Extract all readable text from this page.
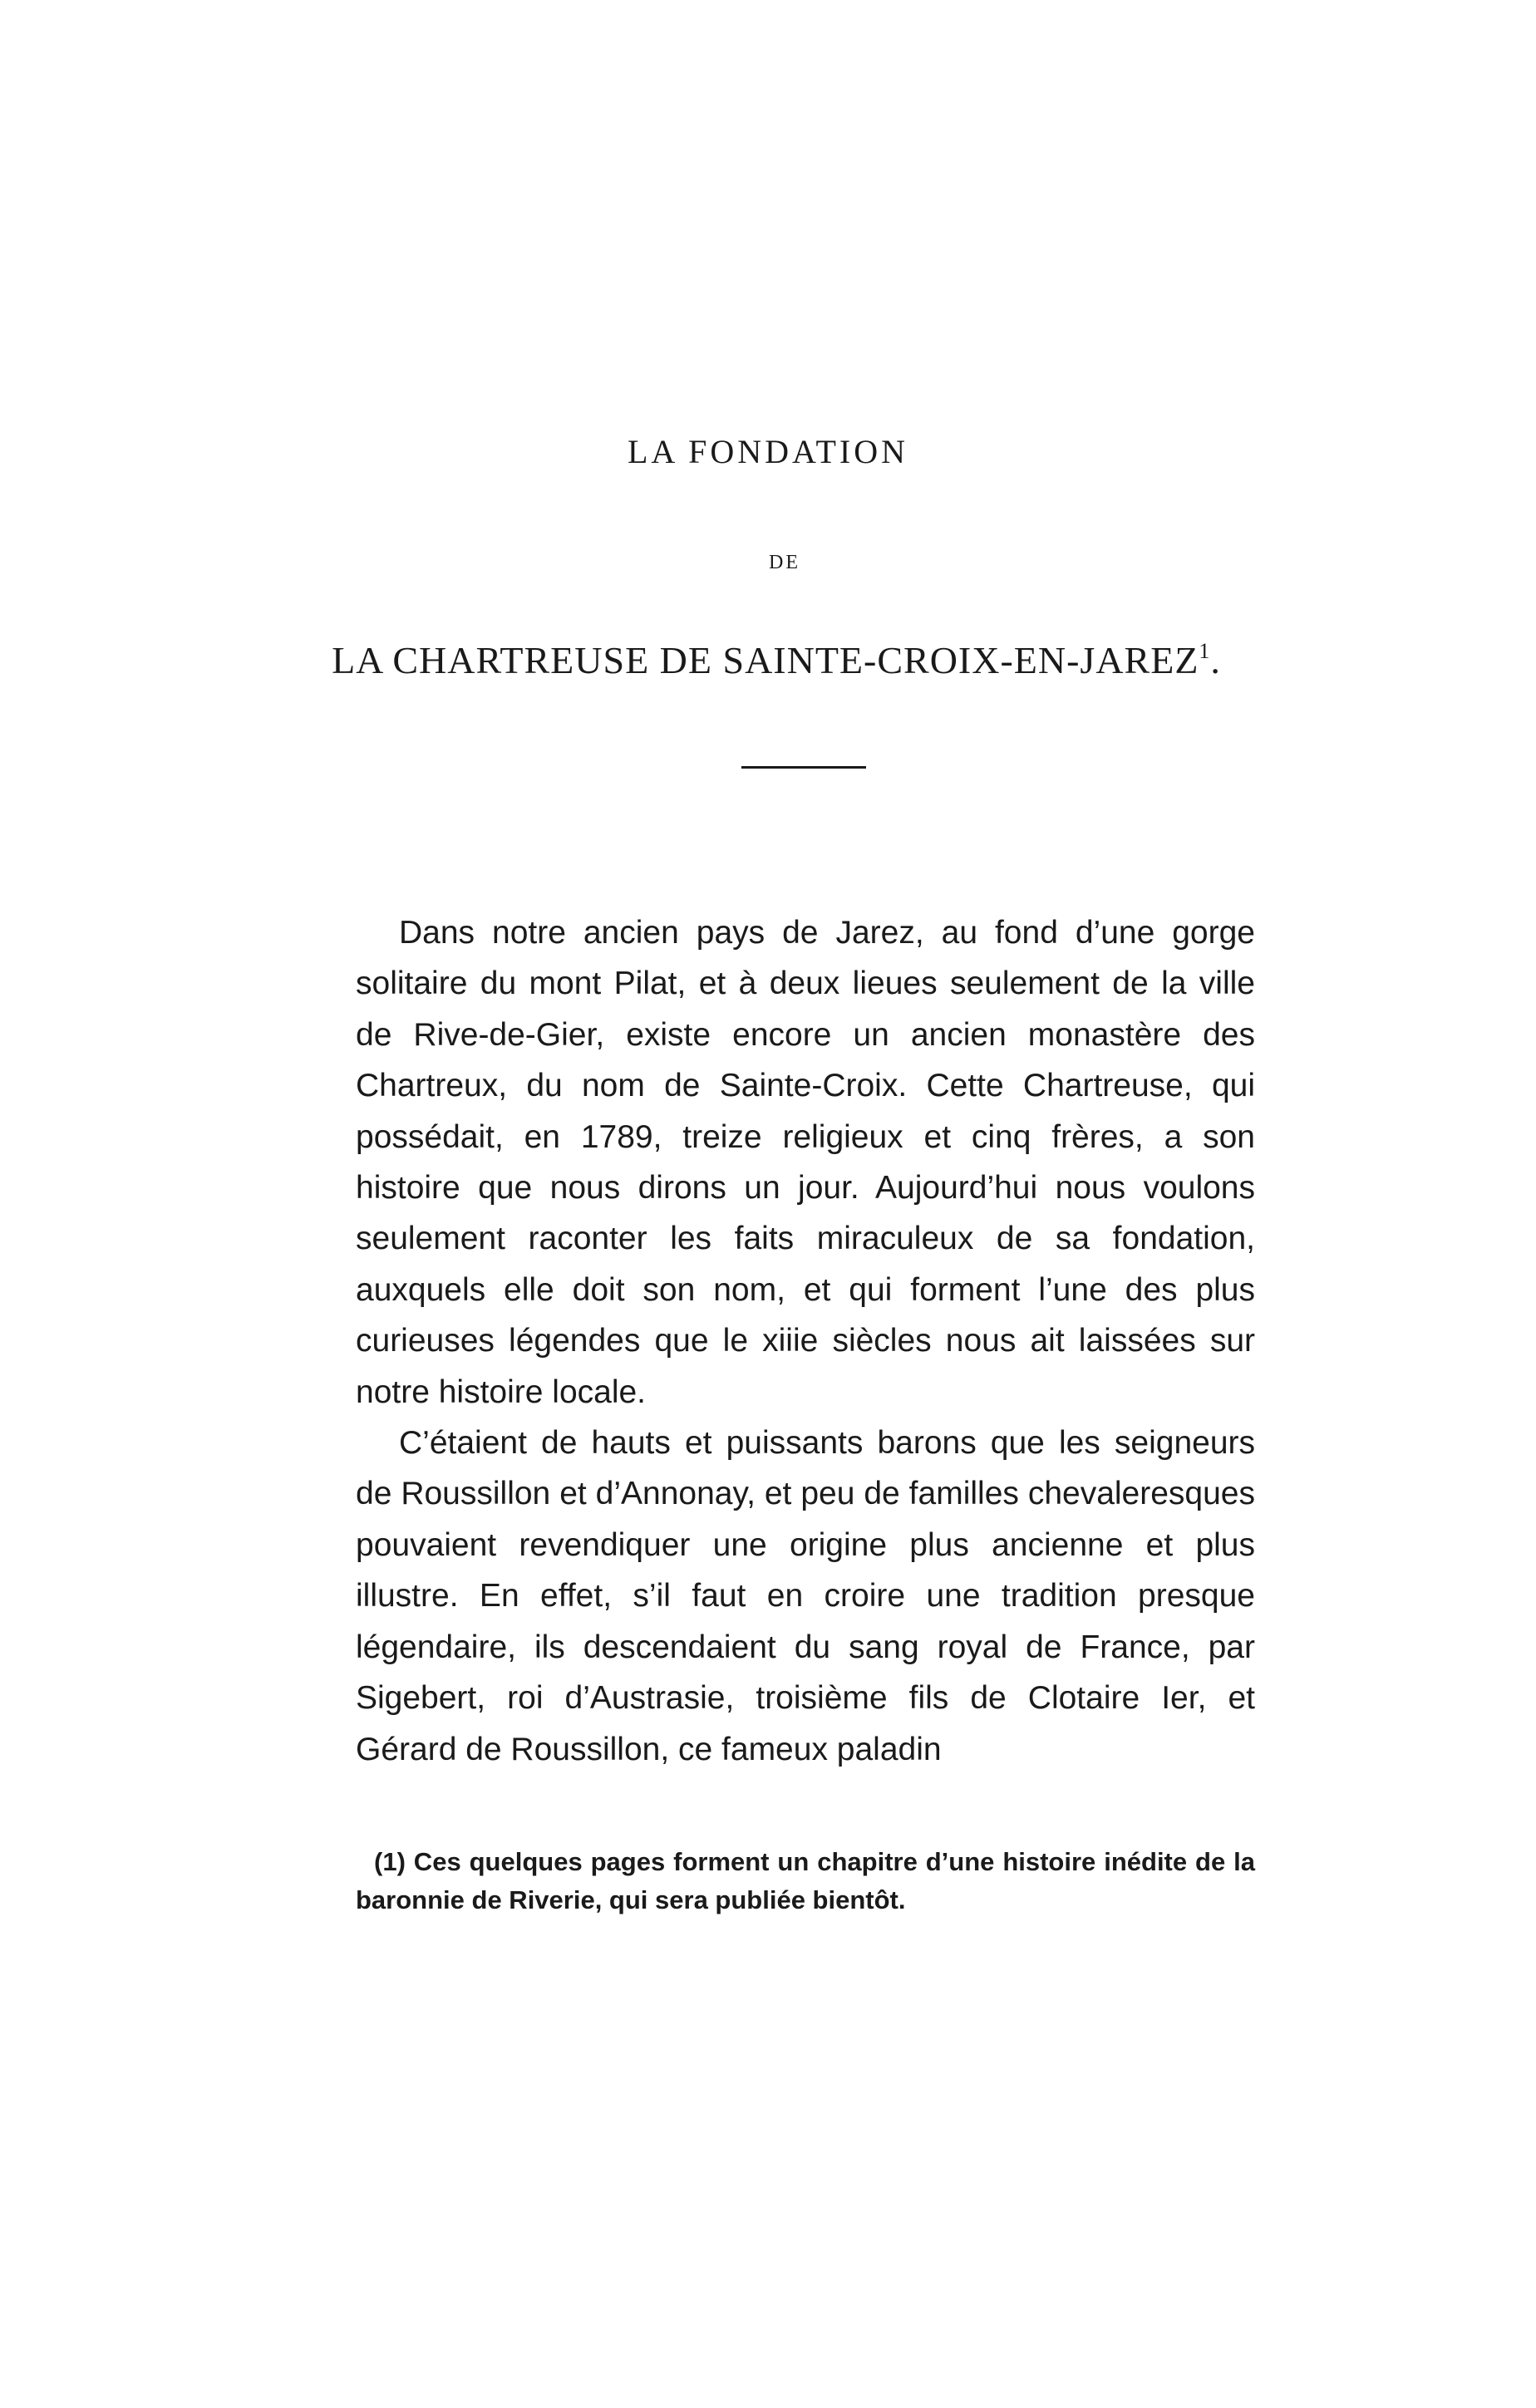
LA FONDATION
DE
LA CHARTREUSE DE SAINTE-CROIX-EN-JAREZ$^1$.

Dans notre ancien pays de Jarez, au fond d’une gorge solitaire du mont Pilat, et à deux lieues seulement de la ville de Rive-de-Gier, existe encore un ancien monastère des Chartreux, du nom de Sainte-Croix. Cette Chartreuse, qui possédait, en 1789, treize religieux et cinq frères, a son histoire que nous dirons un jour. Aujourd’hui nous voulons seulement raconter les faits miraculeux de sa fondation, auxquels elle doit son nom, et qui forment l’une des plus curieuses légendes que le xiiie siècles nous ait laissées sur notre histoire locale.

C’étaient de hauts et puissants barons que les seigneurs de Roussillon et d’Annonay, et peu de familles chevaleresques pouvaient revendiquer une origine plus ancienne et plus illustre. En effet, s’il faut en croire une tradition presque légendaire, ils descendaient du sang royal de France, par Sigebert, roi d’Austrasie, troisième fils de Clotaire Ier, et Gérard de Roussillon, ce fameux paladin

(1) Ces quelques pages forment un chapitre d’une histoire inédite de la baronnie de Riverie, qui sera publiée bientôt.
